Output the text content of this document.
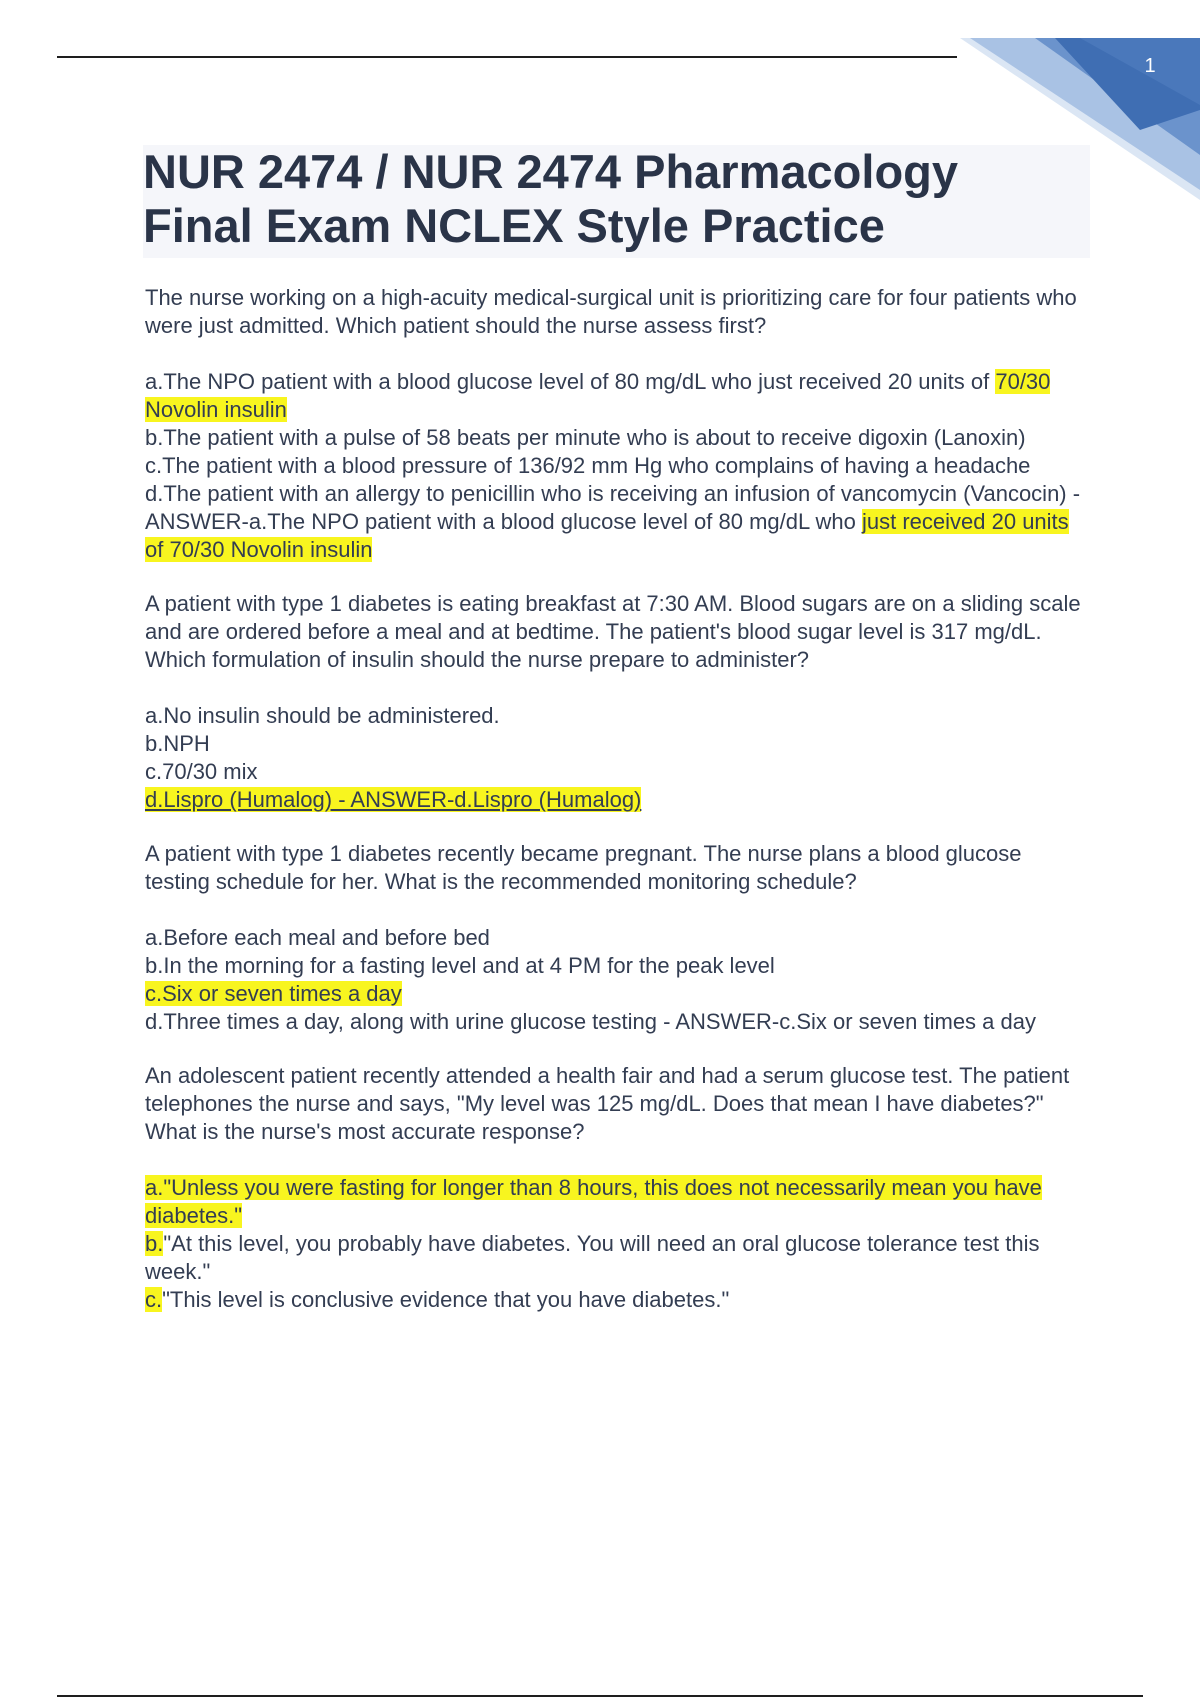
1
NUR 2474 / NUR 2474 Pharmacology Final Exam NCLEX Style Practice

The nurse working on a high-acuity medical-surgical unit is prioritizing care for four patients who were just admitted. Which patient should the nurse assess first?

a.The NPO patient with a blood glucose level of 80 mg/dL who just received 20 units of 70/30 Novolin insulin
b.The patient with a pulse of 58 beats per minute who is about to receive digoxin (Lanoxin)
c.The patient with a blood pressure of 136/92 mm Hg who complains of having a headache
d.The patient with an allergy to penicillin who is receiving an infusion of vancomycin (Vancocin) - ANSWER-a.The NPO patient with a blood glucose level of 80 mg/dL who just received 20 units of 70/30 Novolin insulin

A patient with type 1 diabetes is eating breakfast at 7:30 AM. Blood sugars are on a sliding scale and are ordered before a meal and at bedtime. The patient's blood sugar level is 317 mg/dL. Which formulation of insulin should the nurse prepare to administer?

a.No insulin should be administered.
b.NPH
c.70/30 mix
d.Lispro (Humalog) - ANSWER-d.Lispro (Humalog)

A patient with type 1 diabetes recently became pregnant. The nurse plans a blood glucose testing schedule for her. What is the recommended monitoring schedule?

a.Before each meal and before bed
b.In the morning for a fasting level and at 4 PM for the peak level
c.Six or seven times a day
d.Three times a day, along with urine glucose testing - ANSWER-c.Six or seven times a day

An adolescent patient recently attended a health fair and had a serum glucose test. The patient telephones the nurse and says, "My level was 125 mg/dL. Does that mean I have diabetes?" What is the nurse's most accurate response?

a."Unless you were fasting for longer than 8 hours, this does not necessarily mean you have diabetes."
b."At this level, you probably have diabetes. You will need an oral glucose tolerance test this week."
c."This level is conclusive evidence that you have diabetes."
